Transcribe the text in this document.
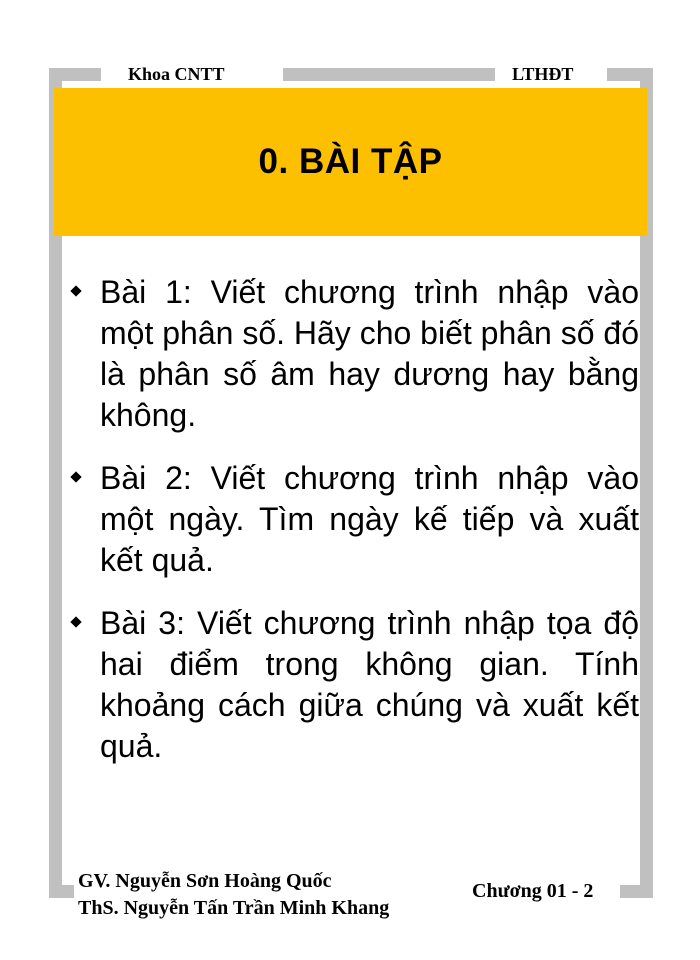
Khoa CNTT	LTHĐT
0. BÀI TẬP
Bài 1: Viết chương trình nhập vào một phân số. Hãy cho biết phân số đó là phân số âm hay dương hay bằng không.
Bài 2: Viết chương trình nhập vào một ngày. Tìm ngày kế tiếp và xuất kết quả.
Bài 3: Viết chương trình nhập tọa độ hai điểm trong không gian. Tính khoảng cách giữa chúng và xuất kết quả.
GV. Nguyễn Sơn Hoàng Quốc
ThS. Nguyễn Tấn Trần Minh Khang
Chương 01 - 2
